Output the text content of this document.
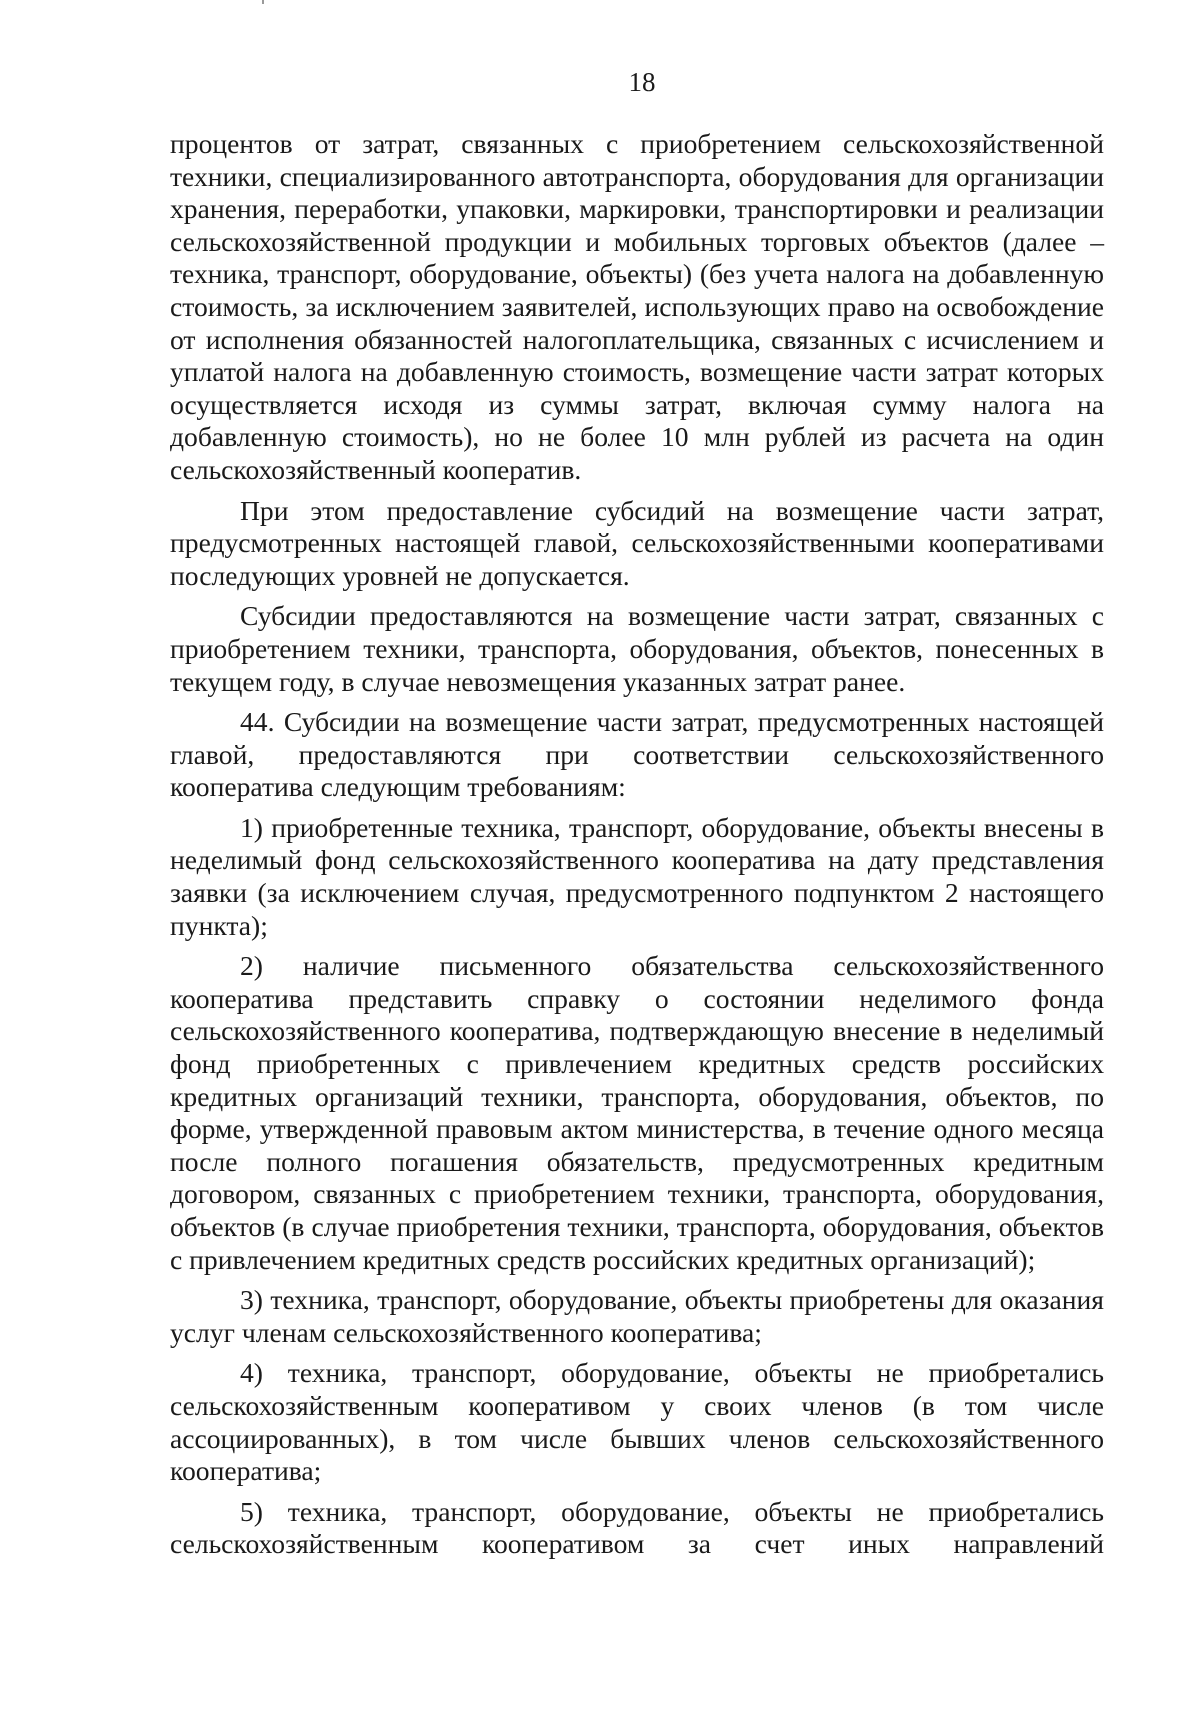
18

процентов от затрат, связанных с приобретением сельскохозяйственной техники, специализированного автотранспорта, оборудования для организации хранения, переработки, упаковки, маркировки, транспортировки и реализации сельскохозяйственной продукции и мобильных торговых объектов (далее – техника, транспорт, оборудование, объекты) (без учета налога на добавленную стоимость, за исключением заявителей, использующих право на освобождение от исполнения обязанностей налогоплательщика, связанных с исчислением и уплатой налога на добавленную стоимость, возмещение части затрат которых осуществляется исходя из суммы затрат, включая сумму налога на добавленную стоимость), но не более 10 млн рублей из расчета на один сельскохозяйственный кооператив.

При этом предоставление субсидий на возмещение части затрат, предусмотренных настоящей главой, сельскохозяйственными кооперативами последующих уровней не допускается.

Субсидии предоставляются на возмещение части затрат, связанных с приобретением техники, транспорта, оборудования, объектов, понесенных в текущем году, в случае невозмещения указанных затрат ранее.

44. Субсидии на возмещение части затрат, предусмотренных настоящей главой, предоставляются при соответствии сельскохозяйственного кооператива следующим требованиям:

1) приобретенные техника, транспорт, оборудование, объекты внесены в неделимый фонд сельскохозяйственного кооператива на дату представления заявки (за исключением случая, предусмотренного подпунктом 2 настоящего пункта);

2) наличие письменного обязательства сельскохозяйственного кооператива представить справку о состоянии неделимого фонда сельскохозяйственного кооператива, подтверждающую внесение в неделимый фонд приобретенных с привлечением кредитных средств российских кредитных организаций техники, транспорта, оборудования, объектов, по форме, утвержденной правовым актом министерства, в течение одного месяца после полного погашения обязательств, предусмотренных кредитным договором, связанных с приобретением техники, транспорта, оборудования, объектов (в случае приобретения техники, транспорта, оборудования, объектов с привлечением кредитных средств российских кредитных организаций);

3) техника, транспорт, оборудование, объекты приобретены для оказания услуг членам сельскохозяйственного кооператива;

4) техника, транспорт, оборудование, объекты не приобретались сельскохозяйственным кооперативом у своих членов (в том числе ассоциированных), в том числе бывших членов сельскохозяйственного кооператива;

5) техника, транспорт, оборудование, объекты не приобретались сельскохозяйственным кооперативом за счет иных направлений
